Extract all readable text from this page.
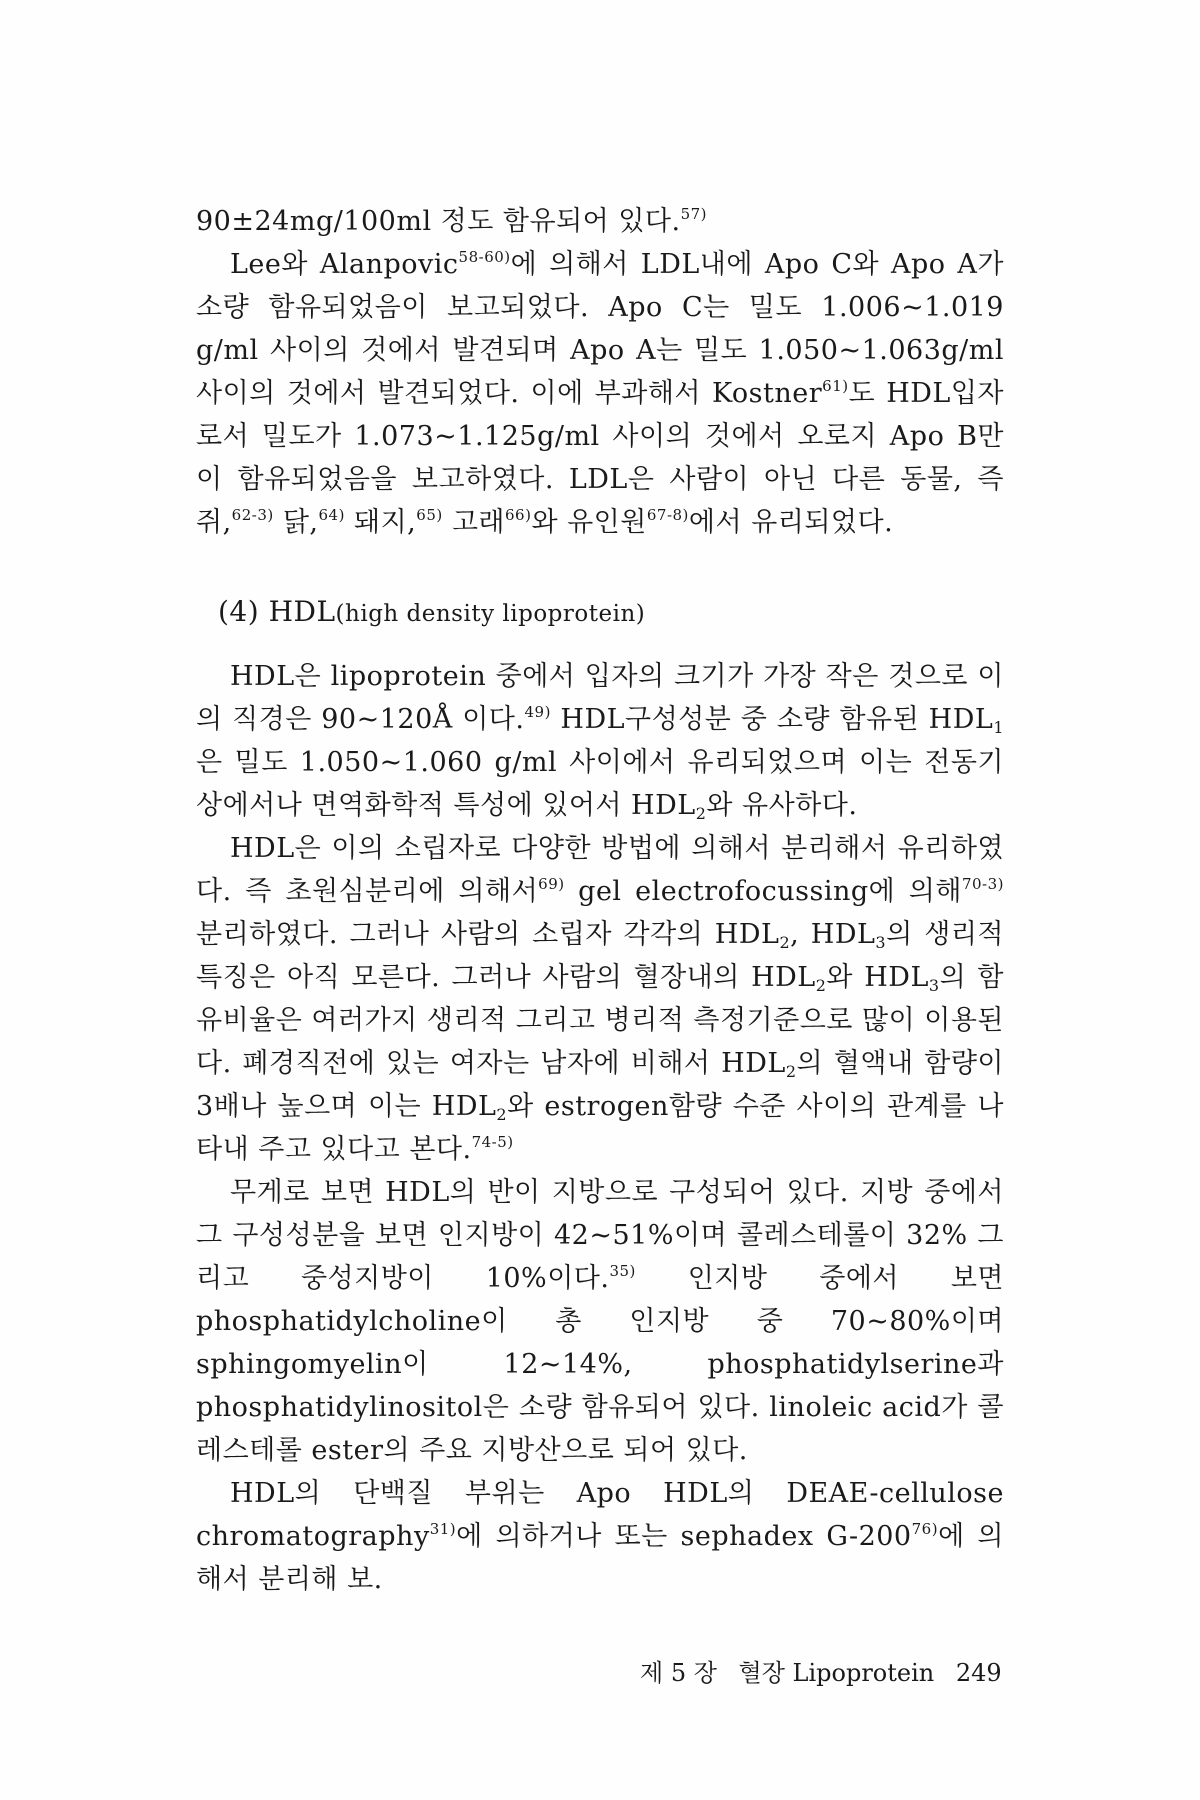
90±24mg/100ml 정도 함유되어 있다.$^{57)}$

Lee와 Alanpovic$^{58-60)}$에 의해서 LDL내에 Apo C와 Apo A가 소량 함유되었음이 보고되었다. Apo C는 밀도 1.006~1.019 g/ml 사이의 것에서 발견되며 Apo A는 밀도 1.050~1.063g/ml 사이의 것에서 발견되었다. 이에 부과해서 Kostner$^{61)}$도 HDL입자로서 밀도가 1.073~1.125g/ml 사이의 것에서 오로지 Apo B만이 함유되었음을 보고하였다. LDL은 사람이 아닌 다른 동물, 즉 쥐,$^{62-3)}$ 닭,$^{64)}$ 돼지,$^{65)}$ 고래$^{66)}$와 유인원$^{67-8)}$에서 유리되었다.

(4) HDL(high density lipoprotein)

HDL은 lipoprotein 중에서 입자의 크기가 가장 작은 것으로 이의 직경은 90~120Å 이다.$^{49)}$ HDL구성성분 중 소량 함유된 $HDL_1$은 밀도 1.050~1.060 g/ml 사이에서 유리되었으며 이는 전동기상에서나 면역화학적 특성에 있어서 $HDL_2$와 유사하다.

HDL은 이의 소립자로 다양한 방법에 의해서 분리해서 유리하였다. 즉 초원심분리에 의해서$^{69)}$ gel electrofocussing에 의해$^{70-3)}$ 분리하였다. 그러나 사람의 소립자 각각의 $HDL_2$, $HDL_3$의 생리적 특징은 아직 모른다. 그러나 사람의 혈장내의 $HDL_2$와 $HDL_3$의 함유비율은 여러가지 생리적 그리고 병리적 측정기준으로 많이 이용된다. 폐경직전에 있는 여자는 남자에 비해서 $HDL_2$의 혈액내 함량이 3배나 높으며 이는 $HDL_2$와 estrogen함량 수준 사이의 관계를 나타내 주고 있다고 본다.$^{74-5)}$

무게로 보면 HDL의 반이 지방으로 구성되어 있다. 지방 중에서 그 구성성분을 보면 인지방이 42~51%이며 콜레스테롤이 32% 그리고 중성지방이 10%이다.$^{35)}$ 인지방 중에서 보면 phosphatidylcholine이 총 인지방 중 70~80%이며 sphingomyelin이 12~14%, phosphatidylserine과 phosphatidylinositol은 소량 함유되어 있다. linoleic acid가 콜레스테롤 ester의 주요 지방산으로 되어 있다.

HDL의 단백질 부위는 Apo HDL의 DEAE-cellulose chromatography$^{31)}$에 의하거나 또는 sephadex G-200$^{76)}$에 의해서 분리해 보.

제 5 장 혈장 Lipoprotein 249
